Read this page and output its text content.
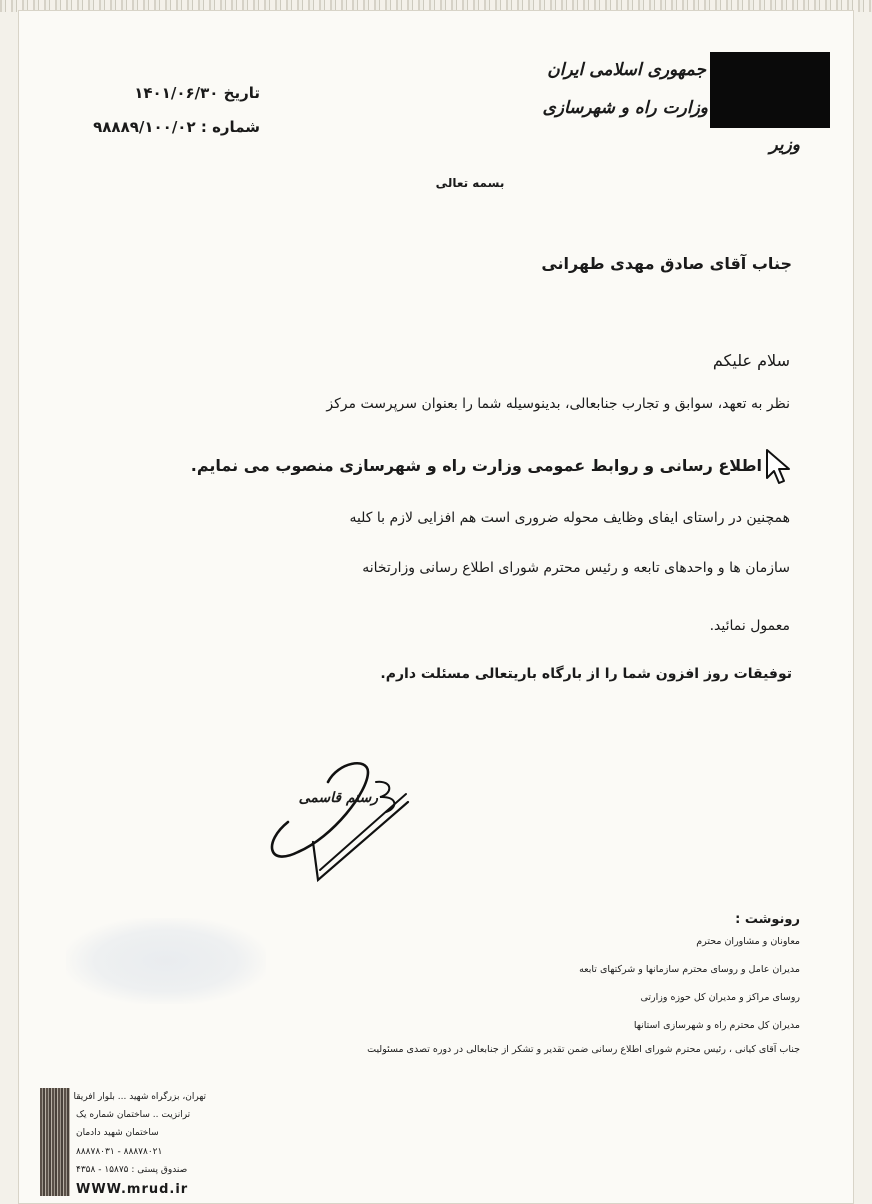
جمهوری اسلامی ایران
وزارت راه و شهرسازی
وزیر
تاریخ ۱۴۰۱/۰۶/۳۰
شماره : ۹۸۸۸۹/۱۰۰/۰۲
بسمه تعالی
جناب آقای صادق مهدی طهرانی
سلام علیکم
نظر به تعهد، سوابق و تجارب جنابعالی، بدینوسیله شما را بعنوان سرپرست مرکز
اطلاع رسانی و روابط عمومی وزارت راه و شهرسازی منصوب می نمایم.
همچنین در راستای ایفای وظایف محوله ضروری است هم افزایی لازم با کلیه
سازمان ها و واحدهای تابعه و رئیس محترم شورای اطلاع رسانی وزارتخانه
معمول نمائید.
توفیقات روز افزون شما را از بارگاه باریتعالی مسئلت دارم.
رستم قاسمی
رونوشت :
معاونان و مشاوران محترم
مدیران عامل و روسای محترم سازمانها و شرکتهای تابعه
روسای مراکز و مدیران کل حوزه وزارتی
مدیران کل محترم راه و شهرسازی استانها
جناب آقای کیانی ، رئیس محترم شورای اطلاع رسانی ضمن تقدیر و تشکر از جنابعالی در دوره تصدی مسئولیت
تهران، بزرگراه شهید ... بلوار افریقا
ترانزیت .. ساختمان شماره یک
ساختمان شهید دادمان
۸۸۸۷۸۰۲۱ - ۸۸۸۷۸۰۳۱
صندوق پستی : ۱۵۸۷۵ - ۴۳۵۸
WWW.mrud.ir
